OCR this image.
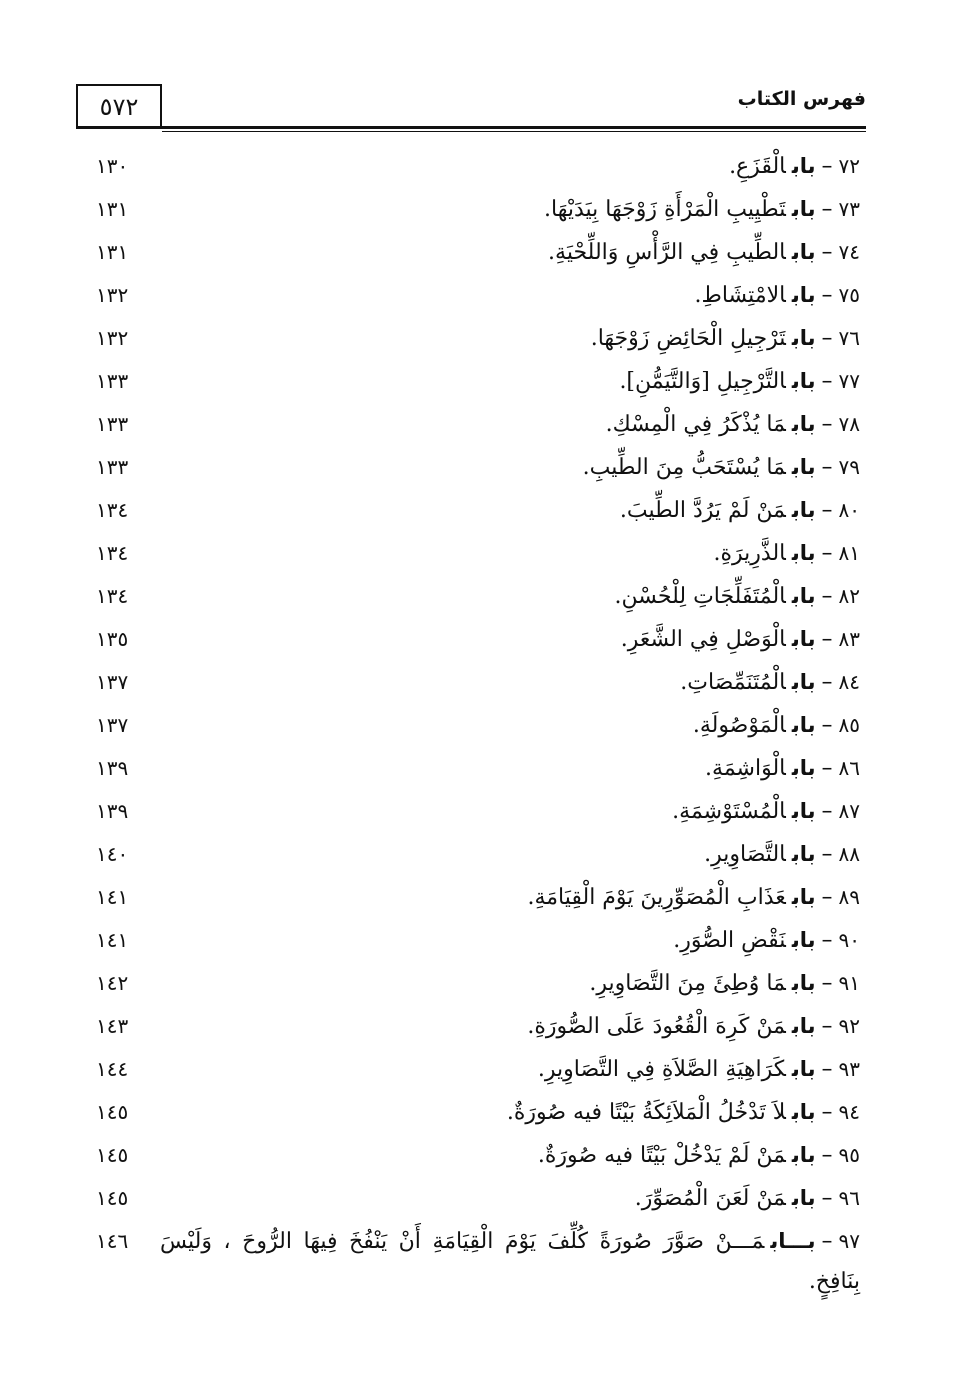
٥٧٢	فهرس الكتاب
٧٢–بابالْقَزَعِ.
١٣٠
٧٣–بابتَطْيِيبِ الْمَرْأَةِ زَوْجَهَا بِيَدَيْهَا.
١٣١
٧٤–بابالطِّيبِ فِي الرَّأْسِ وَاللِّحْيَةِ.
١٣١
٧٥–بابالامْتِشَاطِ.
١٣٢
٧٦–بابتَرْجِيلِ الْحَائِضِ زَوْجَهَا.
١٣٢
٧٧–بابالتَّرْجِيلِ [وَالتَّيَمُّنِ].
١٣٣
٧٨–بابمَا يُذْكَرُ فِي الْمِسْكِ.
١٣٣
٧٩–بابمَا يُسْتَحَبُّ مِنَ الطِّيبِ.
١٣٣
٨٠–بابمَنْ لَمْ يَرُدَّ الطِّيبَ.
١٣٤
٨١–بابالذَّرِيرَةِ.
١٣٤
٨٢–بابالْمُتَفَلِّجَاتِ لِلْحُسْنِ.
١٣٤
٨٣–بابالْوَصْلِ فِي الشَّعَرِ.
١٣٥
٨٤–بابالْمُتَنَمِّصَاتِ.
١٣٧
٨٥–بابالْمَوْصُولَةِ.
١٣٧
٨٦–بابالْوَاشِمَةِ.
١٣٩
٨٧–بابالْمُسْتَوْشِمَةِ.
١٣٩
٨٨–بابالتَّصَاوِيرِ.
١٤٠
٨٩–بابعَذَابِ الْمُصَوِّرِينَ يَوْمَ الْقِيَامَةِ.
١٤١
٩٠–بابنَقْضِ الصُّوَرِ.
١٤١
٩١–بابمَا وُطِئَ مِنَ التَّصَاوِيرِ.
١٤٢
٩٢–بابمَنْ كَرِهَ الْقُعُودَ عَلَى الصُّورَةِ.
١٤٣
٩٣–بابكَرَاهِيَةِ الصَّلاَةِ فِي التَّصَاوِيرِ.
١٤٤
٩٤–بابلاَ تَدْخُلُ الْمَلاَئِكَةُ بَيْتًا فيه صُورَةٌ.
١٤٥
٩٥–بابمَنْ لَمْ يَدْخُلْ بَيْتًا فيه صُورَةٌ.
١٤٥
٩٦–بابمَنْ لَعَنَ الْمُصَوِّرَ.
١٤٥
٩٧–بـــابمَـــنْ صَوَّرَ صُورَةً كُلِّفَ يَوْمَ الْقِيَامَةِ أَنْ يَنْفُخَ فِيهَا الرُّوحَ ، وَلَيْسَ بِنَافِخٍ.
١٤٦
